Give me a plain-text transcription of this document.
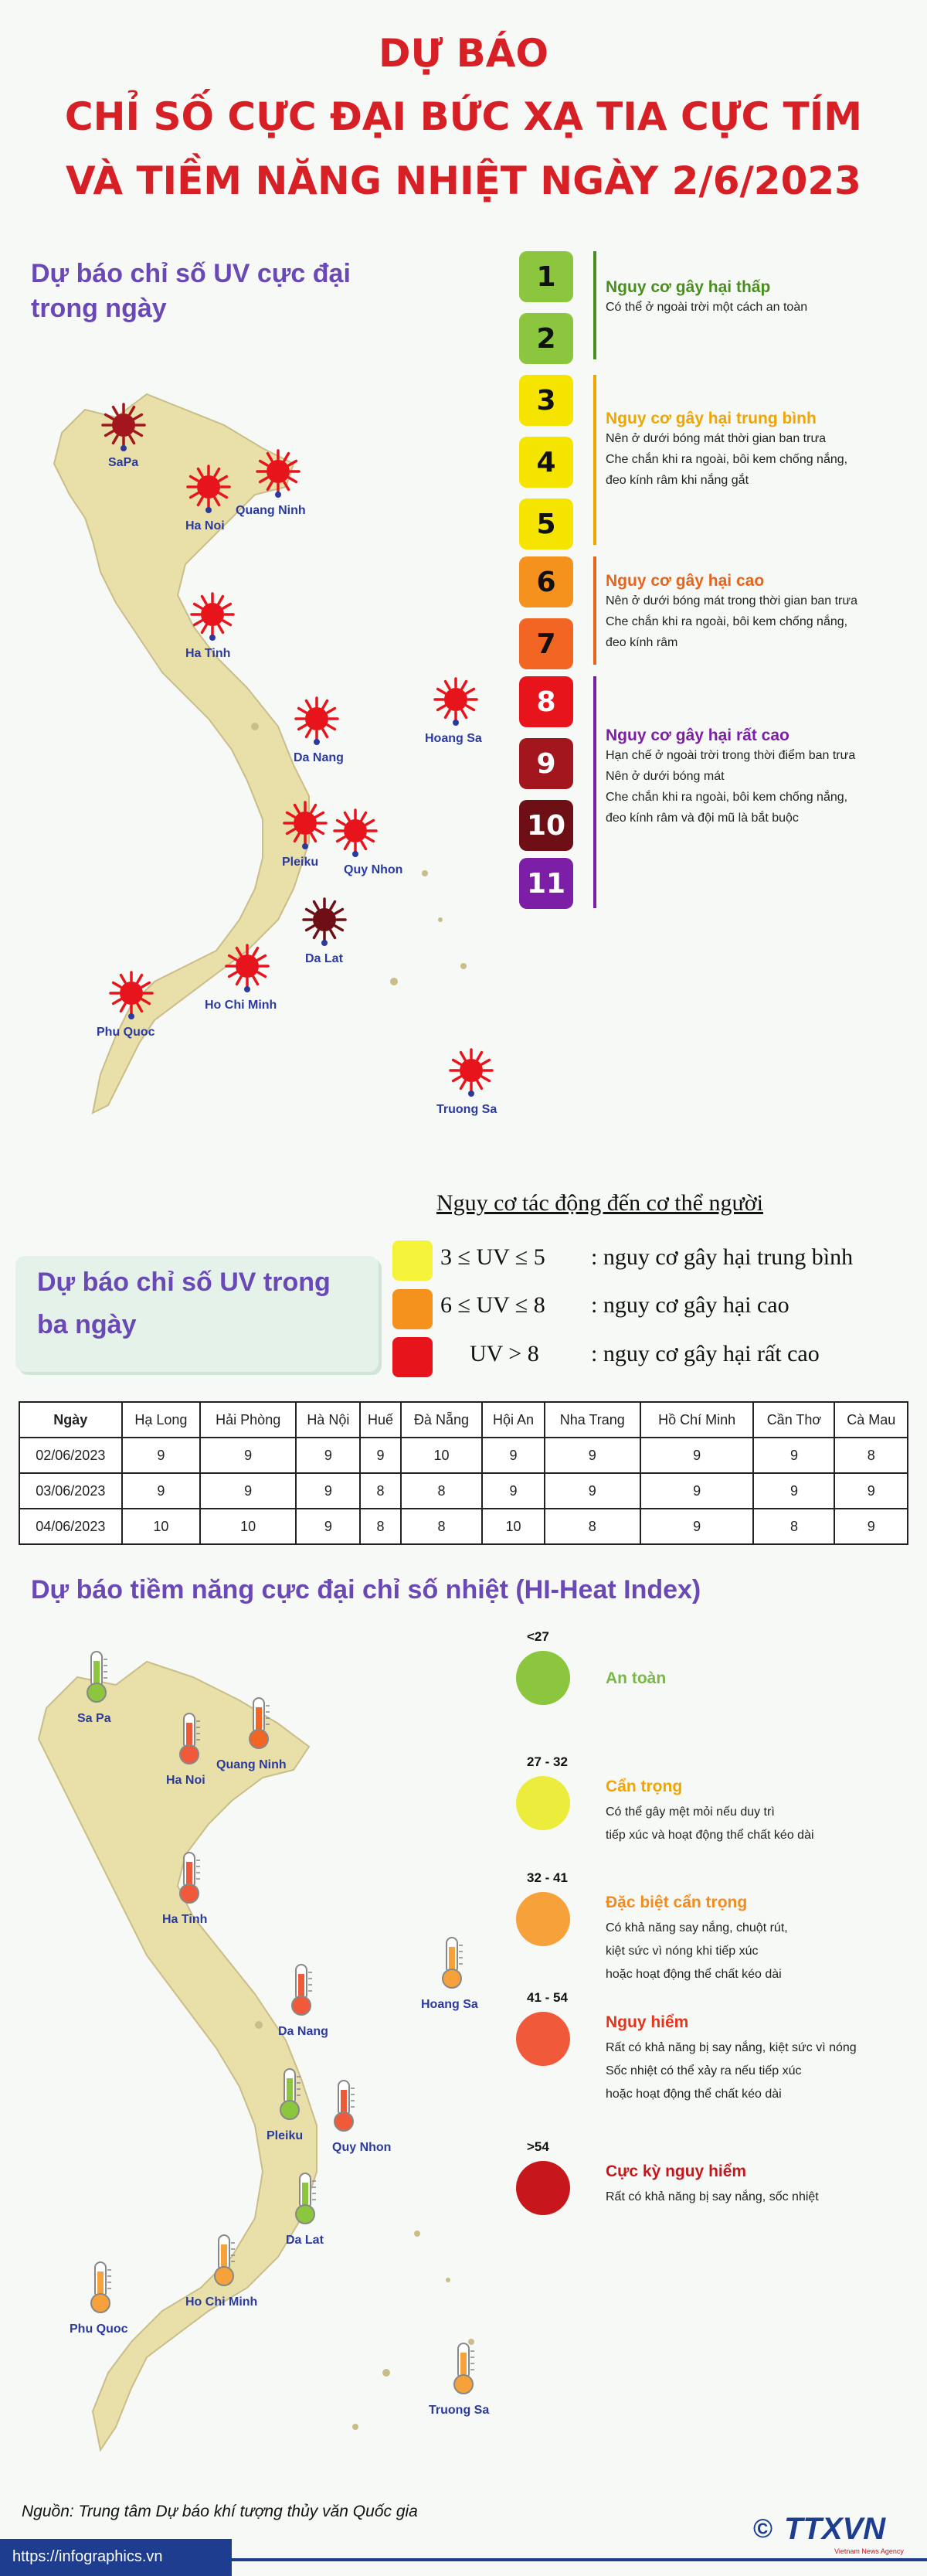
DỰ BÁO
CHỈ SỐ CỰC ĐẠI BỨC XẠ TIA CỰC TÍM
VÀ TIỀM NĂNG NHIỆT NGÀY 2/6/2023
Dự báo chỉ số UV cực đại
trong ngày
SaPa
Ha Noi
Quang Ninh
Ha Tinh
Da Nang
Hoang Sa
Pleiku
Quy Nhon
Da Lat
Ho Chi Minh
Phu Quoc
Truong Sa
1
2
3
4
5
6
7
8
9
10
11
Nguy cơ gây hại thấp
Có thể ở ngoài trời một cách an toàn
Nguy cơ gây hại trung bình
Nên ở dưới bóng mát thời gian ban trưa
Che chắn khi ra ngoài, bôi kem chống nắng,
đeo kính râm khi nắng gắt
Nguy cơ gây hại cao
Nên ở dưới bóng mát trong thời gian ban trưa
Che chắn khi ra ngoài, bôi kem chống nắng,
đeo kính râm
Nguy cơ gây hại rất cao
Hạn chế ở ngoài trời trong thời điểm ban trưa
Nên ở dưới bóng mát
Che chắn khi ra ngoài, bôi kem chống nắng,
đeo kính râm và đội mũ là bắt buộc
Dự báo chỉ số UV trong
ba ngày
Nguy cơ tác động đến cơ thể người
3 ≤ UV ≤ 5 : nguy cơ gây hại trung bình
6 ≤ UV ≤ 8 : nguy cơ gây hại cao
UV > 8 : nguy cơ gây hại rất cao
Ngày	Hạ Long	Hải Phòng	Hà Nội	Huế	Đà Nẵng	Hội An	Nha Trang	Hồ Chí Minh	Cần Thơ	Cà Mau
02/06/2023	9	9	9	9	10	9	9	9	9	8
03/06/2023	9	9	9	8	8	9	9	9	9	9
04/06/2023	10	10	9	8	8	10	8	9	8	9
Dự báo tiềm năng cực đại chỉ số nhiệt (HI-Heat Index)
Sa Pa
Ha Noi
Quang Ninh
Ha Tinh
Da Nang
Hoang Sa
Pleiku
Quy Nhon
Da Lat
Ho Chi Minh
Phu Quoc
Truong Sa
<27
An toàn
27 - 32
Cẩn trọng
Có thể gây mệt mỏi nếu duy trì
tiếp xúc và hoạt động thể chất kéo dài
32 - 41
Đặc biệt cẩn trọng
Có khả năng say nắng, chuột rút,
kiệt sức vì nóng khi tiếp xúc
hoặc hoạt động thể chất kéo dài
41 - 54
Nguy hiểm
Rất có khả năng bị say nắng, kiệt sức vì nóng
Sốc nhiệt có thể xảy ra nếu tiếp xúc
hoặc hoạt động thể chất kéo dài
>54
Cực kỳ nguy hiểm
Rất có khả năng bị say nắng, sốc nhiệt
Nguồn: Trung tâm Dự báo khí tượng thủy văn Quốc gia
https://infographics.vn
© TTXVN
Vietnam News Agency
